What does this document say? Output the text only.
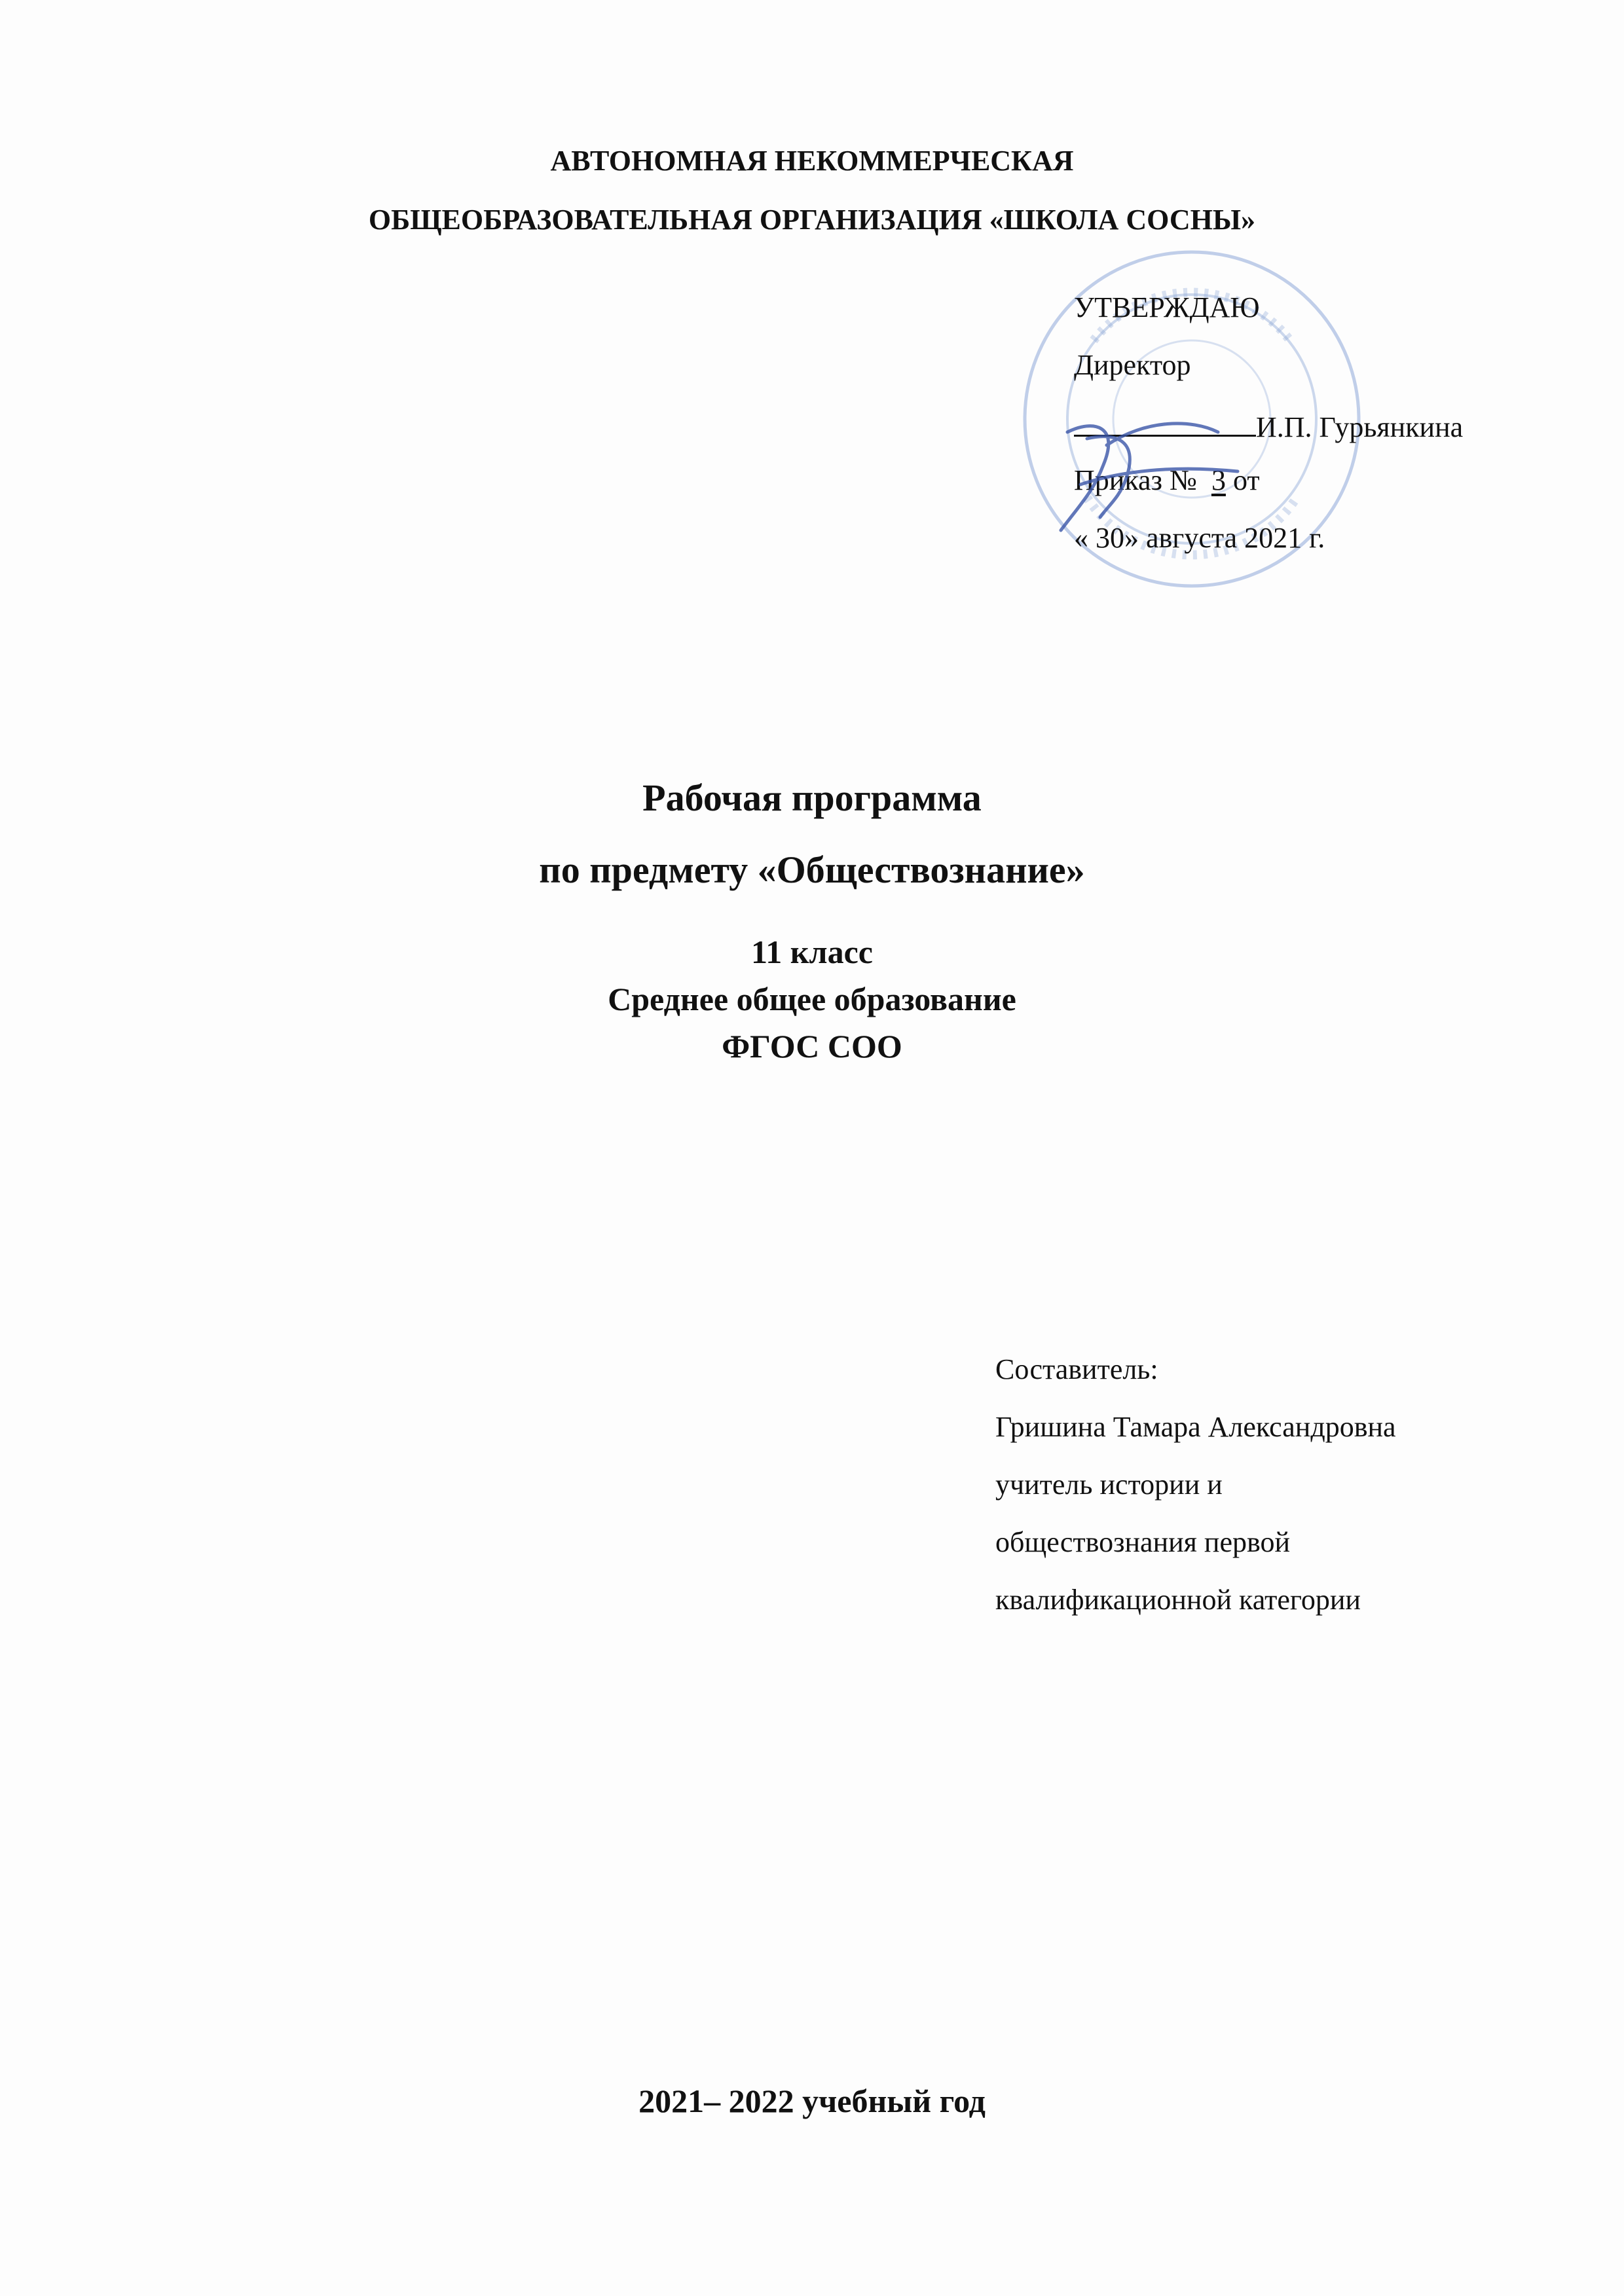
АВТОНОМНАЯ НЕКОММЕРЧЕСКАЯ
ОБЩЕОБРАЗОВАТЕЛЬНАЯ ОРГАНИЗАЦИЯ «ШКОЛА СОСНЫ»
УТВЕРЖДАЮ
Директор
И.П. Гурьянкина
Приказ № 3 от
« 30» августа 2021 г.
Рабочая программа
по предмету «Обществознание»
11 класс
Среднее общее образование
ФГОС СОО
Составитель:
Гришина Тамара Александровна
учитель истории и
обществознания первой
квалификационной категории
2021– 2022 учебный год
